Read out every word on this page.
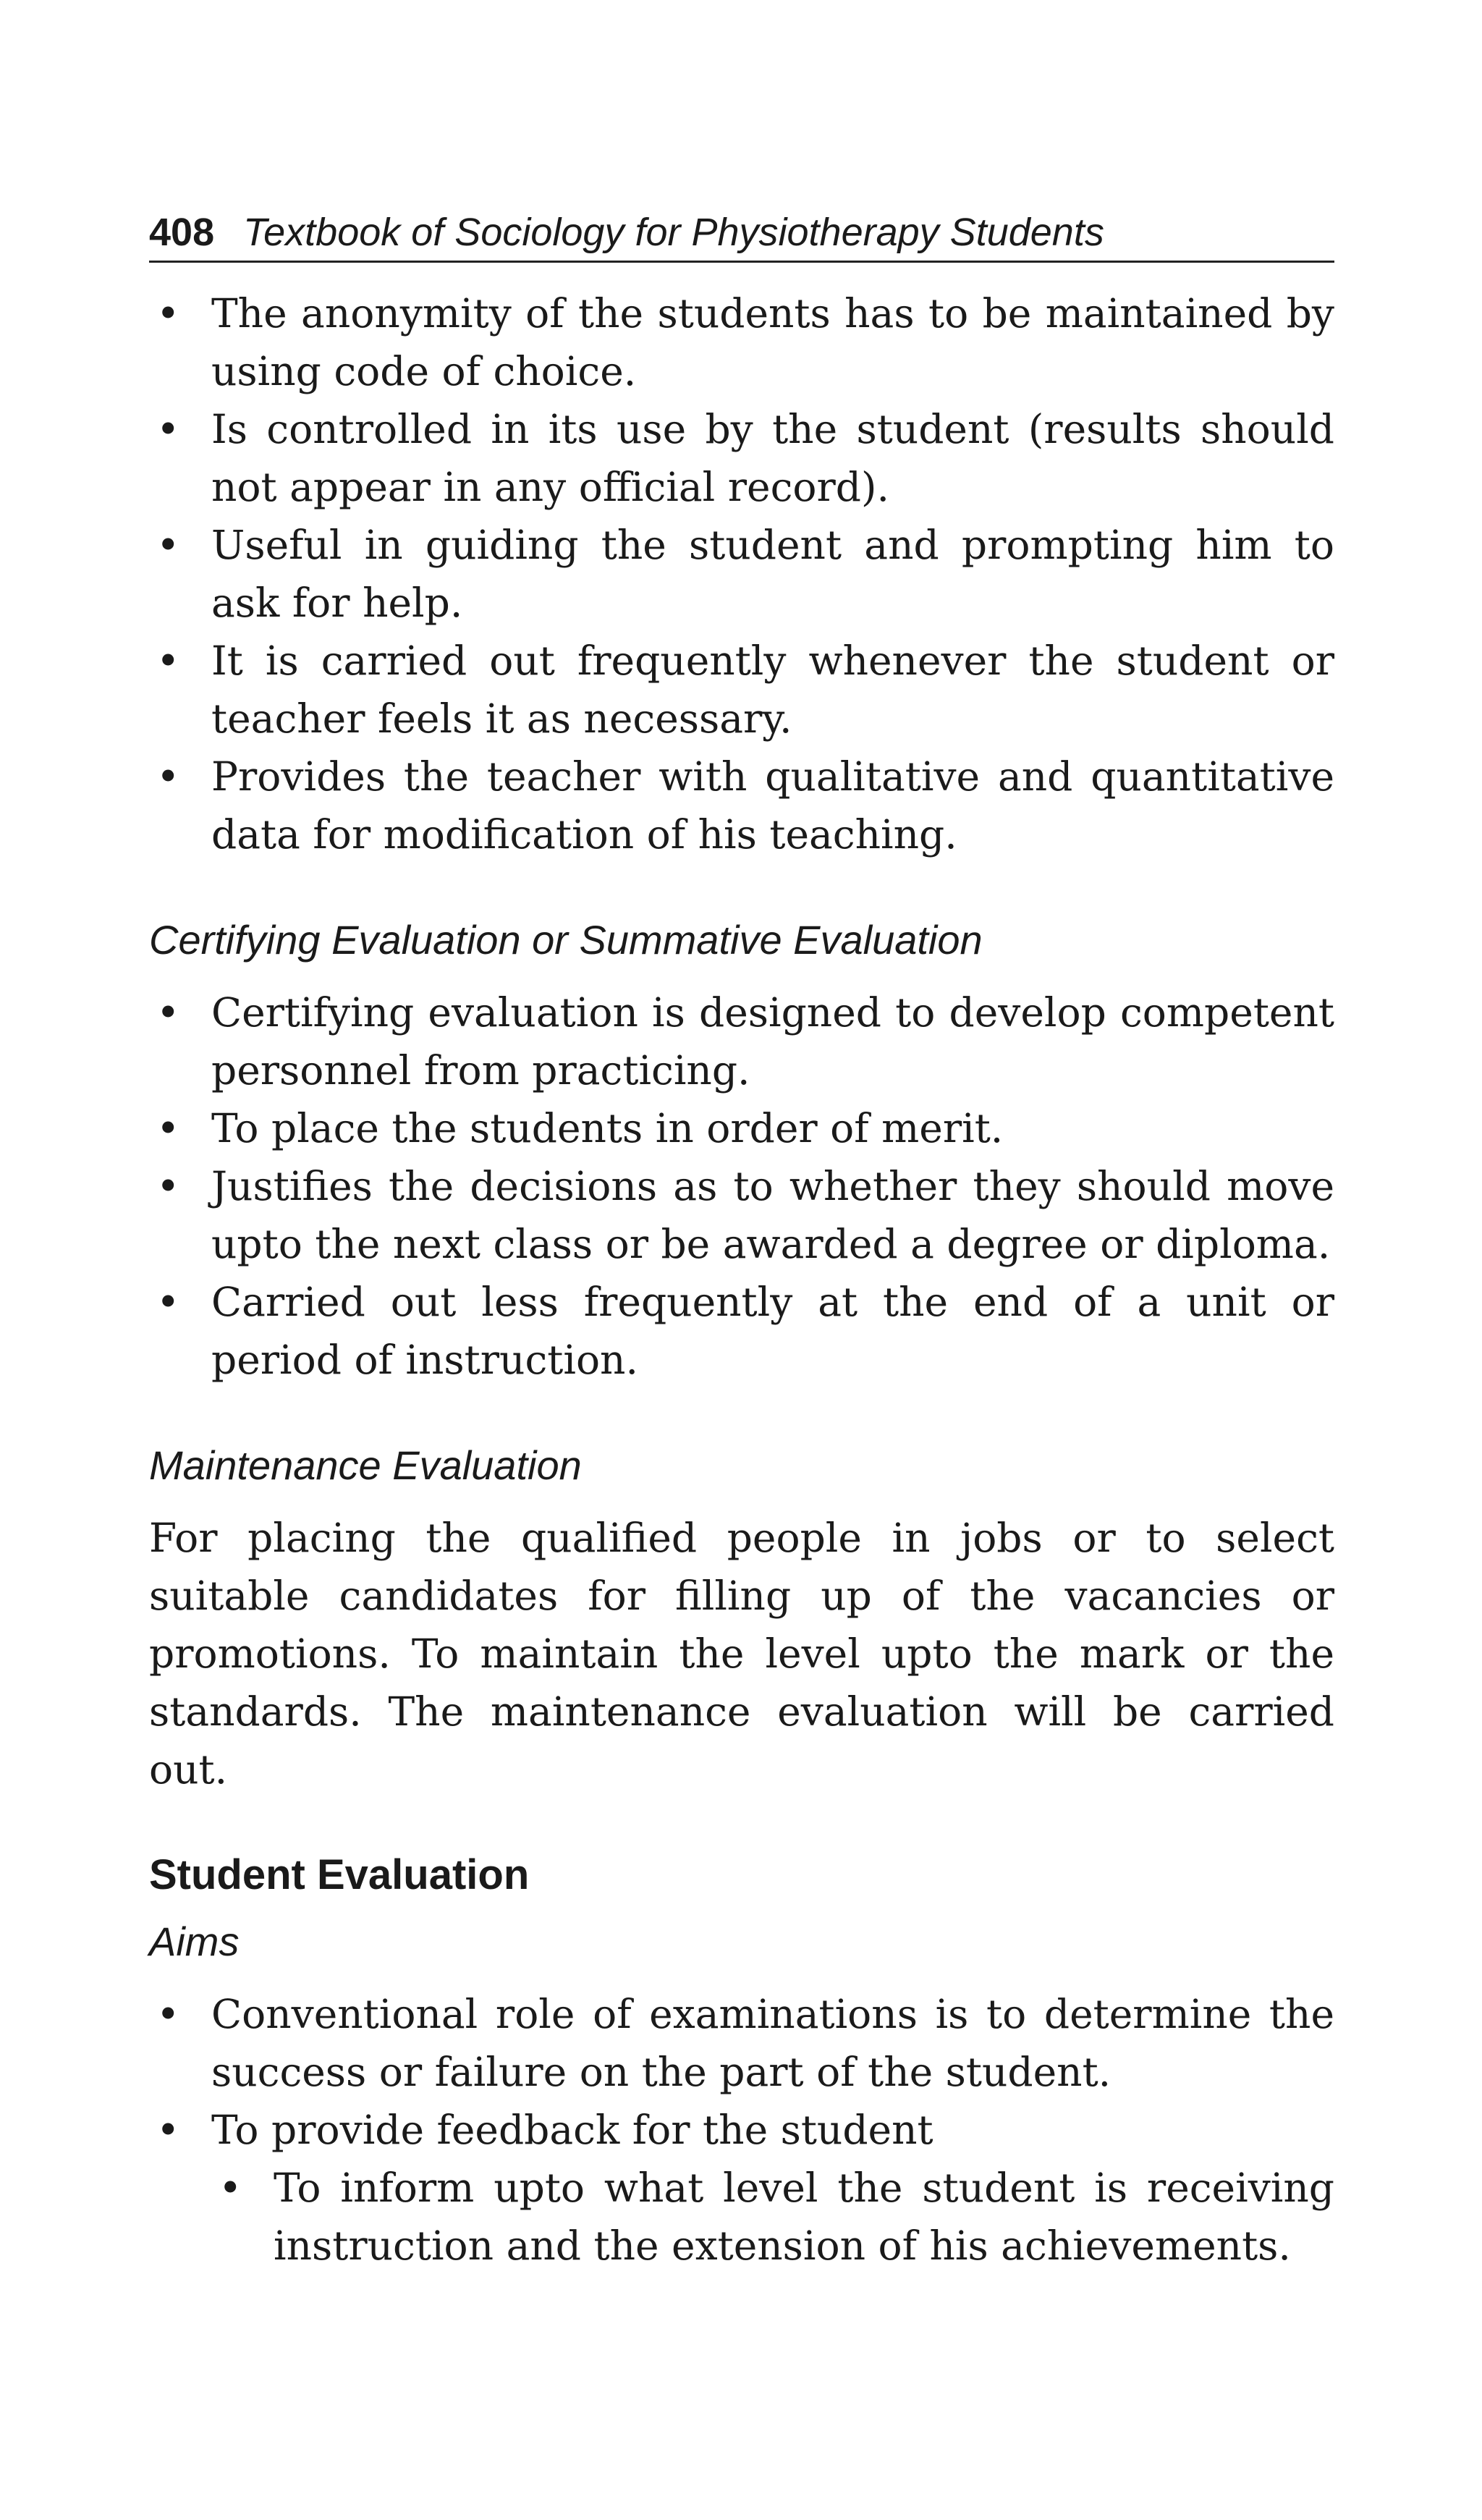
408 Textbook of Sociology for Physiotherapy Students
• The anonymity of the students has to be maintained by using code of choice.
• Is controlled in its use by the student (results should not appear in any official record).
• Useful in guiding the student and prompting him to ask for help.
• It is carried out frequently whenever the student or teacher feels it as necessary.
• Provides the teacher with qualitative and quantitative data for modification of his teaching.
Certifying Evaluation or Summative Evaluation
• Certifying evaluation is designed to develop competent personnel from practicing.
• To place the students in order of merit.
• Justifies the decisions as to whether they should move upto the next class or be awarded a degree or diploma.
• Carried out less frequently at the end of a unit or period of instruction.
Maintenance Evaluation

For placing the qualified people in jobs or to select suitable candidates for filling up of the vacancies or promotions. To maintain the level upto the mark or the standards. The maintenance evaluation will be carried out.

Student Evaluation
Aims
• Conventional role of examinations is to determine the success or failure on the part of the student.
• To provide feedback for the student
• To inform upto what level the student is receiving instruction and the extension of his achievements.
